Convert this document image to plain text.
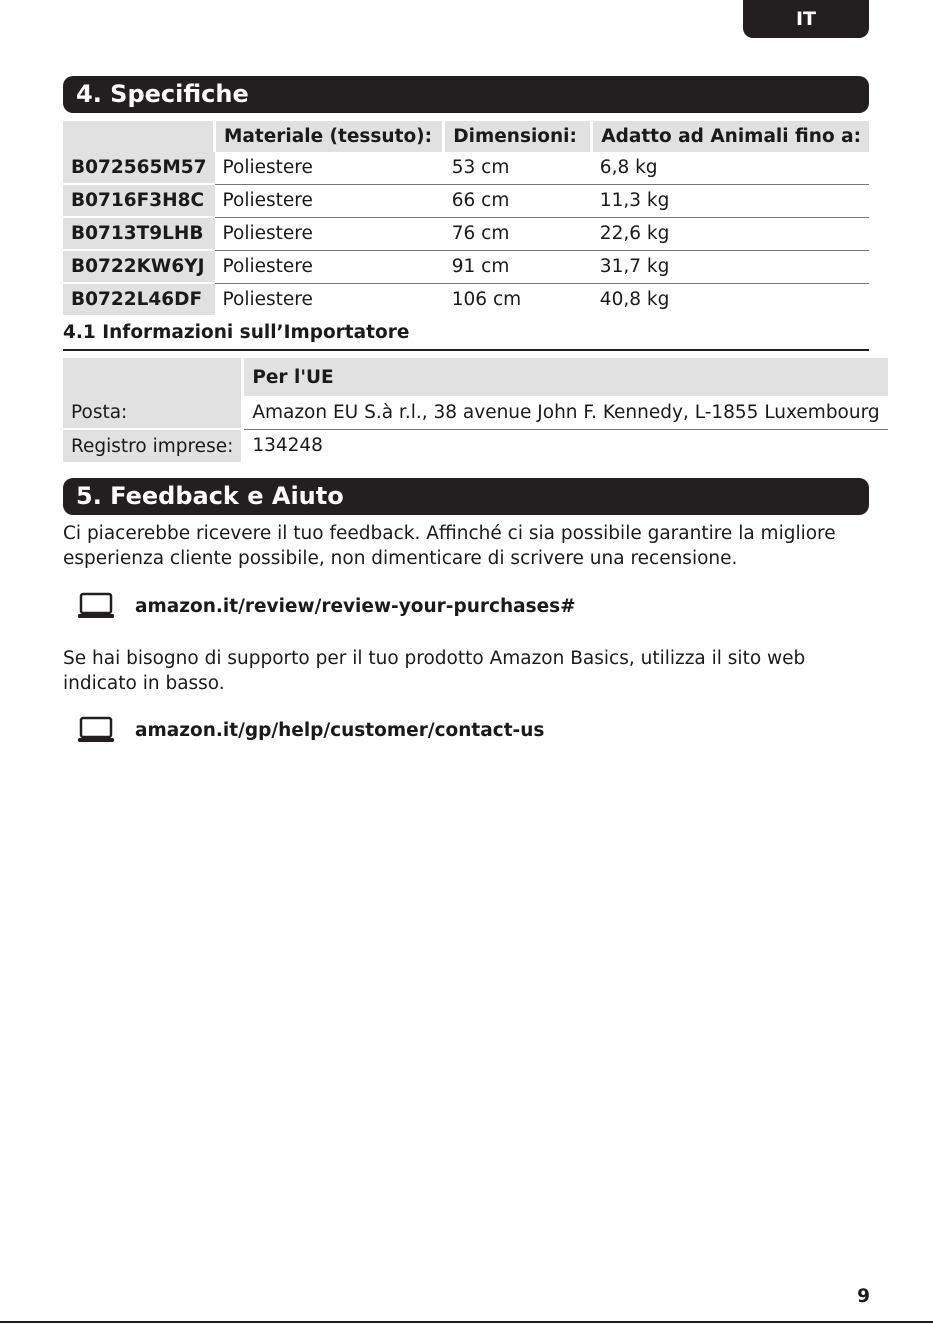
IT
4. Specifiche
	Materiale (tessuto):	Dimensioni:	Adatto ad Animali fino a:
B072565M57	Poliestere	53 cm	6,8 kg
B0716F3H8C	Poliestere	66 cm	11,3 kg
B0713T9LHB	Poliestere	76 cm	22,6 kg
B0722KW6YJ	Poliestere	91 cm	31,7 kg
B0722L46DF	Poliestere	106 cm	40,8 kg
4.1 Informazioni sull’Importatore
	Per l'UE
Posta:	Amazon EU S.à r.l., 38 avenue John F. Kennedy, L-1855 Luxembourg
Registro imprese:	134248
5. Feedback e Aiuto
Ci piacerebbe ricevere il tuo feedback. Affinché ci sia possibile garantire la migliore esperienza cliente possibile, non dimenticare di scrivere una recensione.
amazon.it/review/review-your-purchases#
Se hai bisogno di supporto per il tuo prodotto Amazon Basics, utilizza il sito web indicato in basso.
amazon.it/gp/help/customer/contact-us
9
